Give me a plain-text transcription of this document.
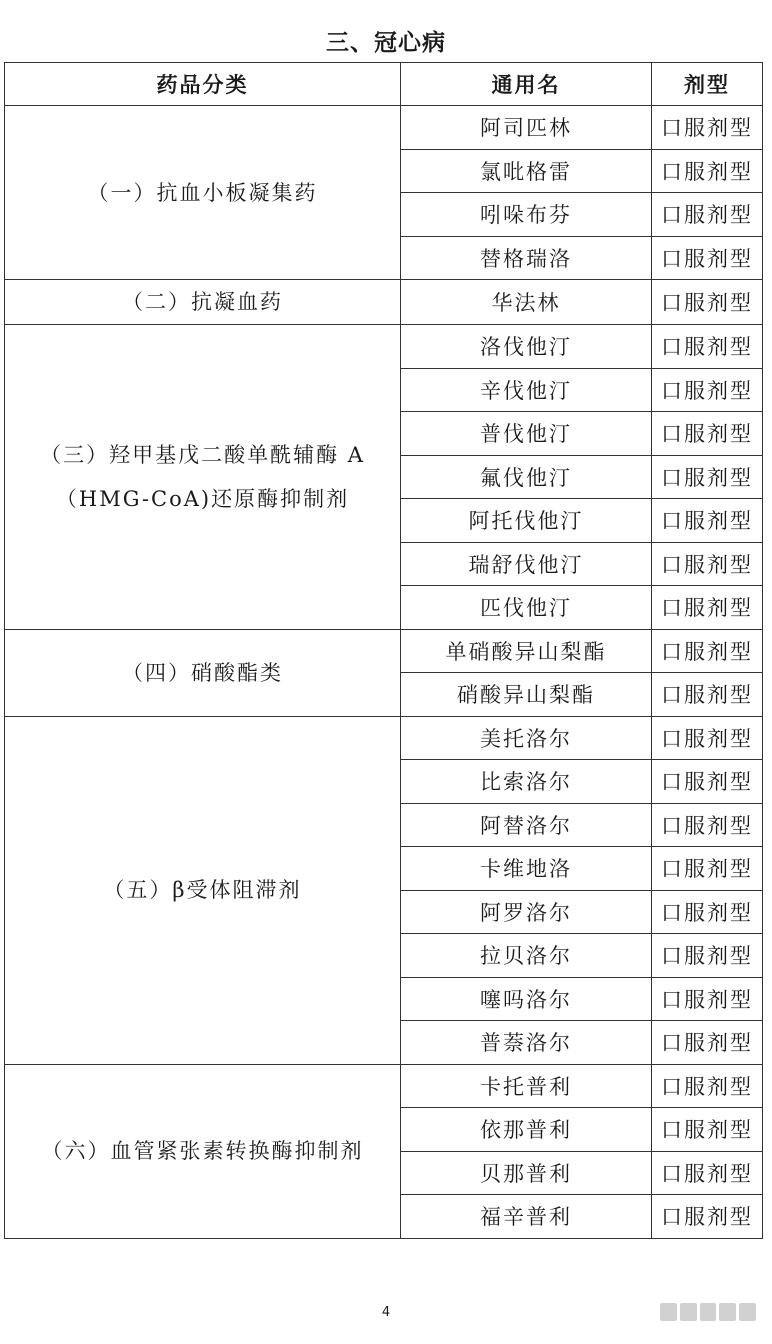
三、冠心病
药品分类	通用名	剂型
（一）抗血小板凝集药	阿司匹林	口服剂型
	氯吡格雷	口服剂型
	吲哚布芬	口服剂型
	替格瑞洛	口服剂型
（二）抗凝血药	华法林	口服剂型

（三）羟甲基戊二酸单酰辅酶 A
（HMG-CoA)还原酶抑制剂	洛伐他汀	口服剂型
	辛伐他汀	口服剂型
	普伐他汀	口服剂型
	氟伐他汀	口服剂型
	阿托伐他汀	口服剂型
	瑞舒伐他汀	口服剂型
	匹伐他汀	口服剂型
（四）硝酸酯类	单硝酸异山梨酯	口服剂型
	硝酸异山梨酯	口服剂型
（五）β受体阻滞剂	美托洛尔	口服剂型
	比索洛尔	口服剂型
	阿替洛尔	口服剂型
	卡维地洛	口服剂型
	阿罗洛尔	口服剂型
	拉贝洛尔	口服剂型
	噻吗洛尔	口服剂型
	普萘洛尔	口服剂型
（六）血管紧张素转换酶抑制剂	卡托普利	口服剂型
	依那普利	口服剂型
	贝那普利	口服剂型
	福辛普利	口服剂型
4
